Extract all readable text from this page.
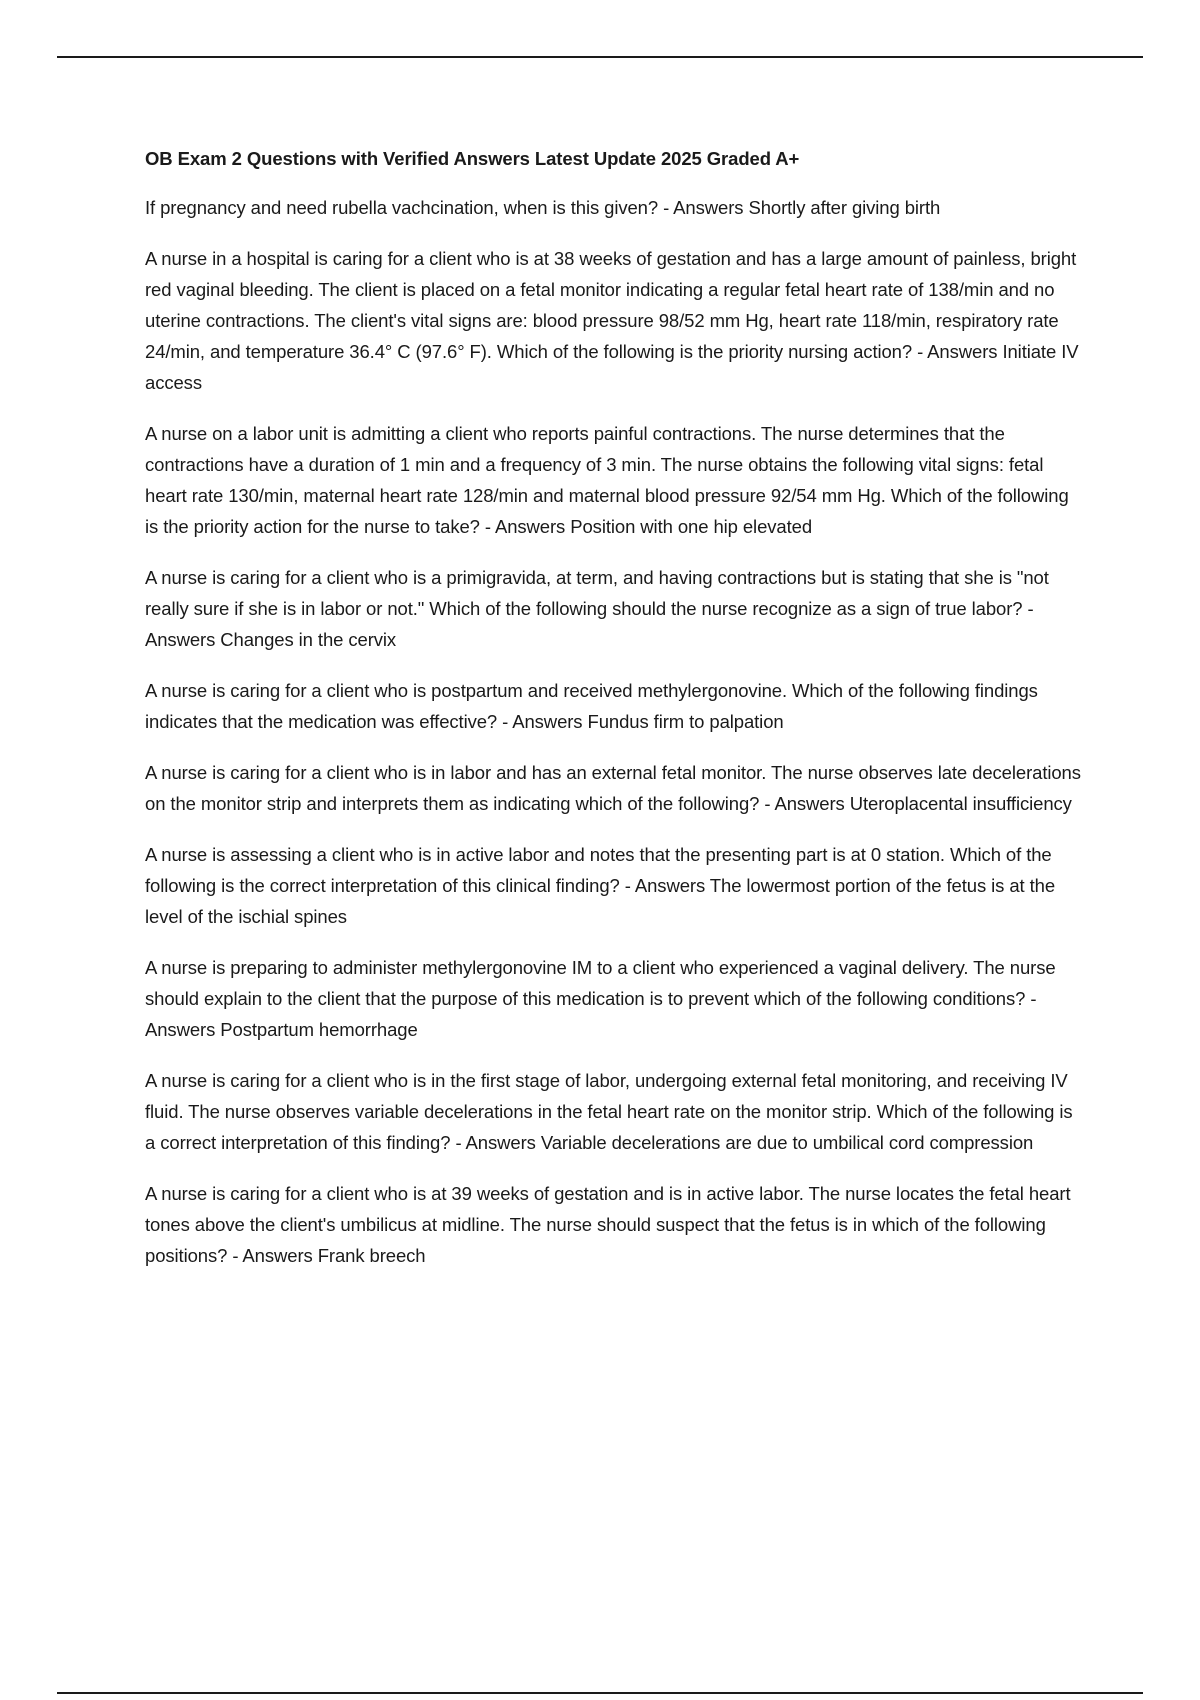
OB Exam 2 Questions with Verified Answers Latest Update 2025 Graded A+

If pregnancy and need rubella vachcination, when is this given? - Answers Shortly after giving birth

A nurse in a hospital is caring for a client who is at 38 weeks of gestation and has a large amount of painless, bright red vaginal bleeding. The client is placed on a fetal monitor indicating a regular fetal heart rate of 138/min and no uterine contractions. The client's vital signs are: blood pressure 98/52 mm Hg, heart rate 118/min, respiratory rate 24/min, and temperature 36.4° C (97.6° F). Which of the following is the priority nursing action? - Answers Initiate IV access

A nurse on a labor unit is admitting a client who reports painful contractions. The nurse determines that the contractions have a duration of 1 min and a frequency of 3 min. The nurse obtains the following vital signs: fetal heart rate 130/min, maternal heart rate 128/min and maternal blood pressure 92/54 mm Hg. Which of the following is the priority action for the nurse to take? - Answers Position with one hip elevated

A nurse is caring for a client who is a primigravida, at term, and having contractions but is stating that she is "not really sure if she is in labor or not." Which of the following should the nurse recognize as a sign of true labor? - Answers Changes in the cervix

A nurse is caring for a client who is postpartum and received methylergonovine. Which of the following findings indicates that the medication was effective? - Answers Fundus firm to palpation

A nurse is caring for a client who is in labor and has an external fetal monitor. The nurse observes late decelerations on the monitor strip and interprets them as indicating which of the following? - Answers Uteroplacental insufficiency

A nurse is assessing a client who is in active labor and notes that the presenting part is at 0 station. Which of the following is the correct interpretation of this clinical finding? - Answers The lowermost portion of the fetus is at the level of the ischial spines

A nurse is preparing to administer methylergonovine IM to a client who experienced a vaginal delivery. The nurse should explain to the client that the purpose of this medication is to prevent which of the following conditions? - Answers Postpartum hemorrhage

A nurse is caring for a client who is in the first stage of labor, undergoing external fetal monitoring, and receiving IV fluid. The nurse observes variable decelerations in the fetal heart rate on the monitor strip. Which of the following is a correct interpretation of this finding? - Answers Variable decelerations are due to umbilical cord compression

A nurse is caring for a client who is at 39 weeks of gestation and is in active labor. The nurse locates the fetal heart tones above the client's umbilicus at midline. The nurse should suspect that the fetus is in which of the following positions? - Answers Frank breech
